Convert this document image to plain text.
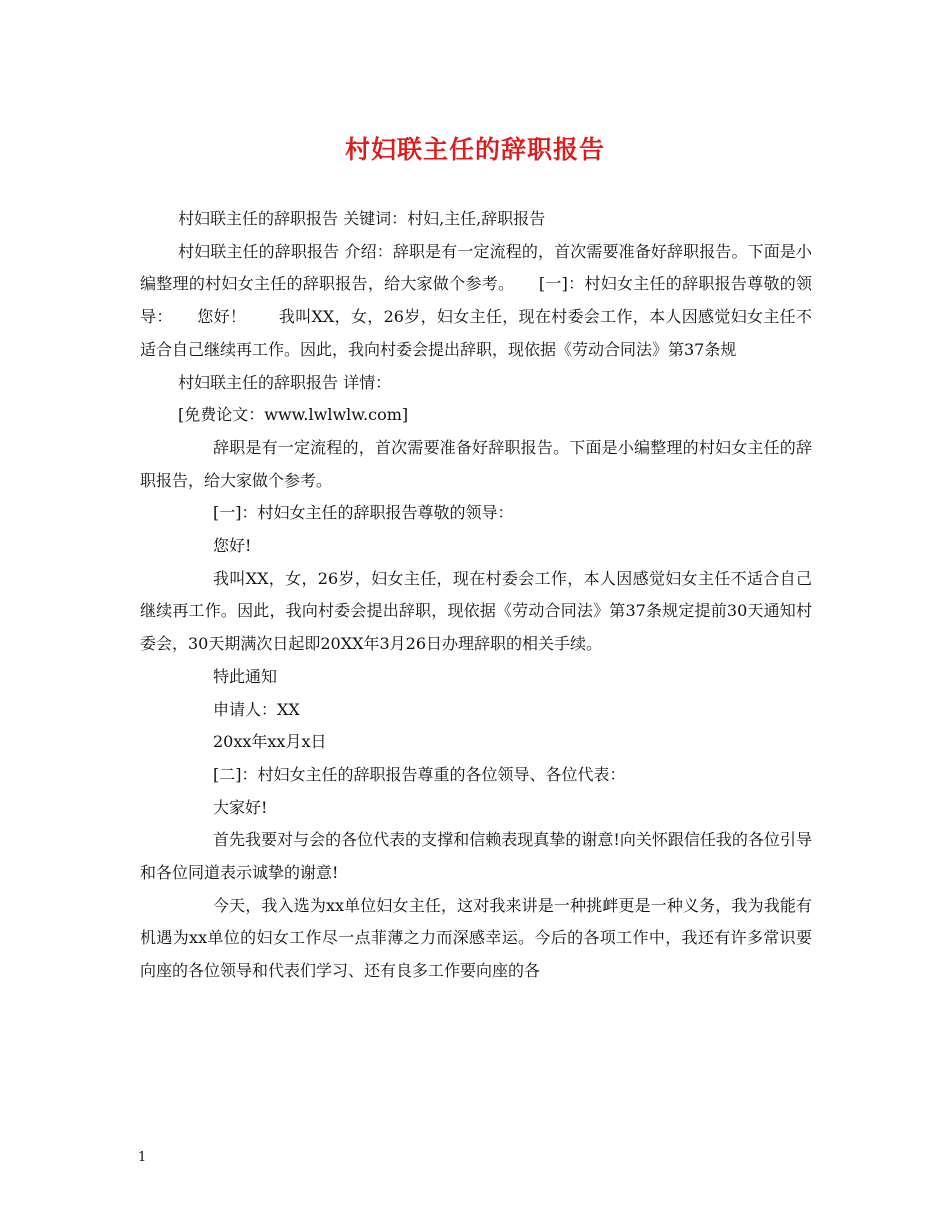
村妇联主任的辞职报告

村妇联主任的辞职报告 关键词：村妇,主任,辞职报告

村妇联主任的辞职报告 介绍：辞职是有一定流程的，首次需要准备好辞职报告。下面是小编整理的村妇女主任的辞职报告，给大家做个参考。　　[一]：村妇女主任的辞职报告尊敬的领导：　　您好！　　我叫XX，女，26岁，妇女主任，现在村委会工作，本人因感觉妇女主任不适合自己继续再工作。因此，我向村委会提出辞职，现依据《劳动合同法》第37条规

村妇联主任的辞职报告 详情：

[免费论文：www.lwlwlw.com]

辞职是有一定流程的，首次需要准备好辞职报告。下面是小编整理的村妇女主任的辞职报告，给大家做个参考。

[一]：村妇女主任的辞职报告尊敬的领导：

您好!

我叫XX，女，26岁，妇女主任，现在村委会工作，本人因感觉妇女主任不适合自己继续再工作。因此，我向村委会提出辞职，现依据《劳动合同法》第37条规定提前30天通知村委会，30天期满次日起即20XX年3月26日办理辞职的相关手续。

特此通知

申请人：XX

20xx年xx月x日

[二]：村妇女主任的辞职报告尊重的各位领导、各位代表：

大家好!

首先我要对与会的各位代表的支撑和信赖表现真挚的谢意!向关怀跟信任我的各位引导和各位同道表示诚挚的谢意!

今天，我入选为xx单位妇女主任，这对我来讲是一种挑衅更是一种义务，我为我能有机遇为xx单位的妇女工作尽一点菲薄之力而深感幸运。今后的各项工作中，我还有许多常识要向座的各位领导和代表们学习、还有良多工作要向座的各

1
